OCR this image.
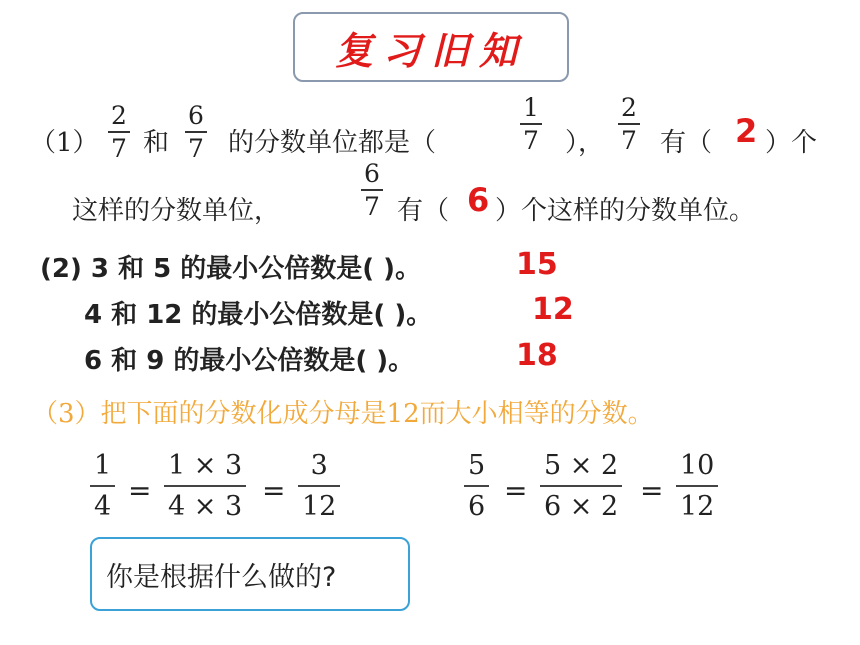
复习旧知
（1）
2
7 和
6
7 的分数单位都是（
1
7 ），
2
7 有（ 2 ）个
这样的分数单位，
6
7 有（ 6 ）个这样的分数单位。
(2) 3 和 5 的最小公倍数是( )。	15
4 和 12 的最小公倍数是( )。	12
6 和 9 的最小公倍数是( )。	18
（3）把下面的分数化成分母是12而大小相等的分数。
1
4 =
1 × 3
4 × 3 =
3
12
5
6 =
5 × 2
6 × 2 =
10
12
你是根据什么做的?
